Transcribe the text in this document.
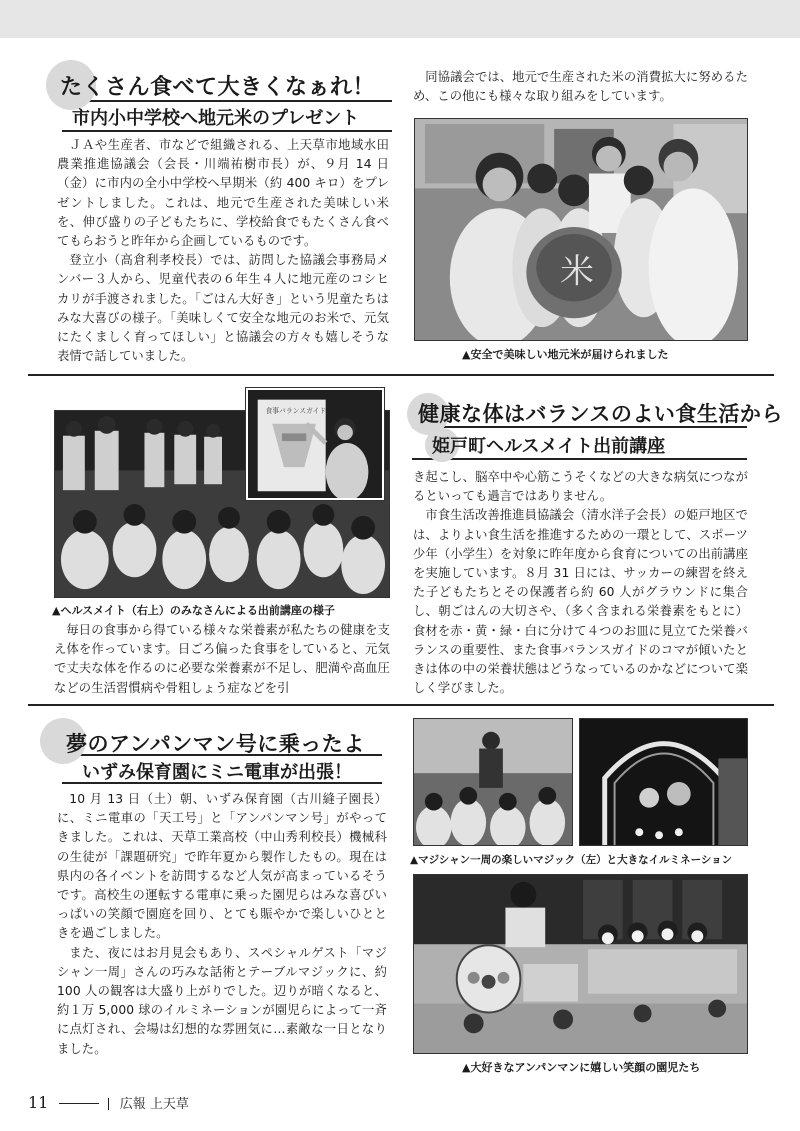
たくさん食べて大きくなぁれ！
市内小中学校へ地元米のプレゼント

ＪＡや生産者、市などで組織される、上天草市地域水田農業推進協議会（会長・川端祐樹市長）が、９月 14 日（金）に市内の全小中学校へ早期米（約 400 キロ）をプレゼントしました。これは、地元で生産された美味しい米を、伸び盛りの子どもたちに、学校給食でもたくさん食べてもらおうと昨年から企画しているものです。

登立小（高倉利孝校長）では、訪問した協議会事務局メンバー３人から、児童代表の６年生４人に地元産のコシヒカリが手渡されました。「ごはん大好き」という児童たちはみな大喜びの様子。「美味しくて安全な地元のお米で、元気にたくましく育ってほしい」と協議会の方々も嬉しそうな表情で話していました。

同協議会では、地元で生産された米の消費拡大に努めるため、この他にも様々な取り組みをしています。

米
▲安全で美味しい地元米が届けられました
食事バランスガイド	健康な体はバランスのよい食生活から
姫戸町ヘルスメイト出前講座
▲ヘルスメイト（右上）のみなさんによる出前講座の様子

毎日の食事から得ている様々な栄養素が私たちの健康を支え体を作っています。日ごろ偏った食事をしていると、元気で丈夫な体を作るのに必要な栄養素が不足し、肥満や高血圧などの生活習慣病や骨粗しょう症などを引

き起こし、脳卒中や心筋こうそくなどの大きな病気につながるといっても過言ではありません。

市食生活改善推進員協議会（清水洋子会長）の姫戸地区では、よりよい食生活を推進するための一環として、スポーツ少年（小学生）を対象に昨年度から食育についての出前講座を実施しています。８月 31 日には、サッカーの練習を終えた子どもたちとその保護者ら約 60 人がグラウンドに集合し、朝ごはんの大切さや、（多く含まれる栄養素をもとに）食材を赤・黄・緑・白に分けて４つのお皿に見立てた栄養バランスの重要性、また食事バランスガイドのコマが傾いたときは体の中の栄養状態はどうなっているのかなどについて楽しく学びました。

夢のアンパンマン号に乗ったよ
いずみ保育園にミニ電車が出張！

10 月 13 日（土）朝、いずみ保育園（古川縫子園長）に、ミニ電車の「天工号」と「アンパンマン号」がやってきました。これは、天草工業高校（中山秀利校長）機械科の生徒が「課題研究」で昨年夏から製作したもの。現在は県内の各イベントを訪問するなど人気が高まっているそうです。高校生の運転する電車に乗った園児らはみな喜びいっぱいの笑顔で園庭を回り、とても賑やかで楽しいひとときを過ごしました。

また、夜にはお月見会もあり、スペシャルゲスト「マジシャン一周」さんの巧みな話術とテーブルマジックに、約 100 人の観客は大盛り上がりでした。辺りが暗くなると、約１万 5,000 球のイルミネーションが園児らによって一斉に点灯され、会場は幻想的な雰囲気に…素敵な一日となりました。

▲マジシャン一周の楽しいマジック（左）と大きなイルミネーション
▲大好きなアンパンマンに嬉しい笑顔の園児たち
11	広報 上天草
